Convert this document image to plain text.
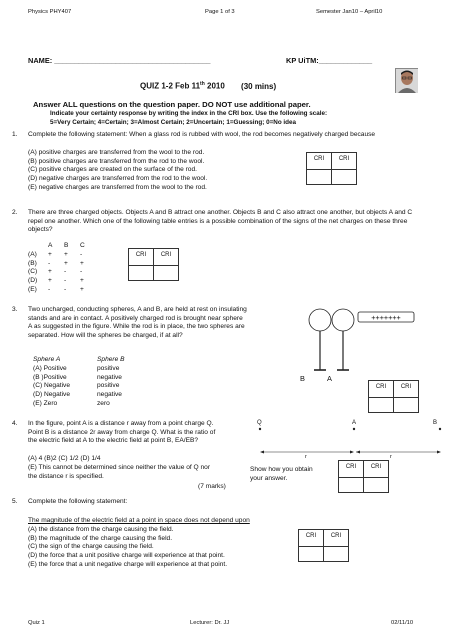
Physics PHY407	Page 1 of 3	Semester Jan10 – April10
NAME: ______________________________________	KP UiTM:_____________
QUIZ 1-2 Feb 11th 2010 (30 mins)
Answer ALL questions on the question paper. DO NOT use additional paper.
Indicate your certainty response by writing the index in the CRI box. Use the following scale:
5=Very Certain; 4=Certain; 3=Almost Certain; 2=Uncertain; 1=Guessing; 0=No idea
1. Complete the following statement: When a glass rod is rubbed with wool, the rod becomes negatively charged because
(A) positive charges are transferred from the wool to the rod.
(B) positive charges are transferred from the rod to the wool.
(C) positive charges are created on the surface of the rod.
(D) negative charges are transferred from the rod to the wool.
(E) negative charges are transferred from the wool to the rod.
CRI	CRI

2. There are three charged objects. Objects A and B attract one another. Objects B and C also attract one another, but objects A and C repel one another. Which one of the following table entries is a possible combination of the signs of the net charges on these three objects?
A	B	C
(A)	+	+	-
(B)	-	+	+
(C)	+	-	-
(D)	+	-	+
(E)	-	-	+
CRI	CRI

3. Two uncharged, conducting spheres, A and B, are held at rest on insulating stands and are in contact. A positively charged rod is brought near sphere A as suggested in the figure. While the rod is in place, the two spheres are separated. How will the spheres be charged, if at all?
Sphere A	Sphere B
(A) Positive	positive
(B )Positive	negative
(C) Negative	positive
(D) Negative	negative
(E) Zero	zero
+++++++
B	A
CRI	CRI

4. In the figure, point A is a distance r away from a point charge Q. Point B is a distance 2r away from charge Q. What is the ratio of the electric field at A to the electric field at point B, EA/EB?
(A) 4 (B)2 (C) 1/2 (D) 1/4
(E) This cannot be determined since neither the value of Q nor the distance r is specified.
(7 marks)
Q	A	B
r	r
Show how you obtain your answer.
CRI	CRI

5. Complete the following statement:
The magnitude of the electric field at a point in space does not depend upon
(A) the distance from the charge causing the field.
(B) the magnitude of the charge causing the field.
(C) the sign of the charge causing the field.
(D) the force that a unit positive charge will experience at that point.
(E) the force that a unit negative charge will experience at that point.
CRI	CRI

Quiz 1	Lecturer: Dr. JJ	02/11/10
